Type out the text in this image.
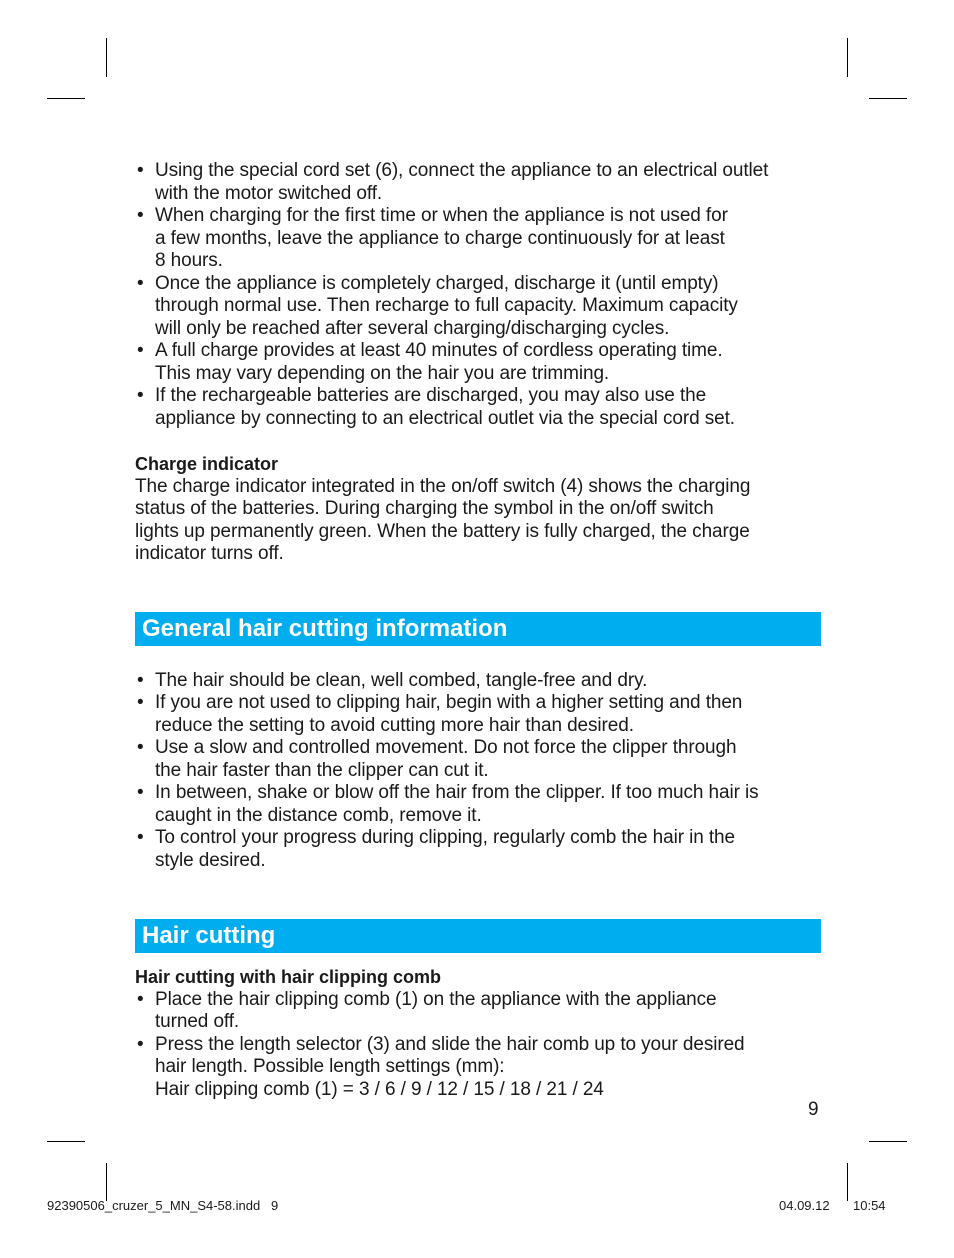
• Using the special cord set (6), connect the appliance to an electrical outlet
with the motor switched off.
• When charging for the first time or when the appliance is not used for
a few months, leave the appliance to charge continuously for at least
8 hours.
• Once the appliance is completely charged, discharge it (until empty)
through normal use. Then recharge to full capacity. Maximum capacity
will only be reached after several charging/discharging cycles.
• A full charge provides at least 40 minutes of cordless operating time.
This may vary depending on the hair you are trimming.
• If the rechargeable batteries are discharged, you may also use the
appliance by connecting to an electrical outlet via the special cord set.

Charge indicator

The charge indicator integrated in the on/off switch (4) shows the charging
status of the batteries. During charging the symbol in the on/off switch
lights up permanently green. When the battery is fully charged, the charge
indicator turns off.

General hair cutting information
• The hair should be clean, well combed, tangle-free and dry.
• If you are not used to clipping hair, begin with a higher setting and then
reduce the setting to avoid cutting more hair than desired.
• Use a slow and controlled movement. Do not force the clipper through
the hair faster than the clipper can cut it.
• In between, shake or blow off the hair from the clipper. If too much hair is
caught in the distance comb, remove it.
• To control your progress during clipping, regularly comb the hair in the
style desired.
Hair cutting

Hair cutting with hair clipping comb

• Place the hair clipping comb (1) on the appliance with the appliance
turned off.
• Press the length selector (3) and slide the hair comb up to your desired
hair length. Possible length settings (mm):
Hair clipping comb (1) = 3 / 6 / 9 / 12 / 15 / 18 / 21 / 24
9
92390506_cruzer_5_MN_S4-58.indd   9	04.09.12 10:54
